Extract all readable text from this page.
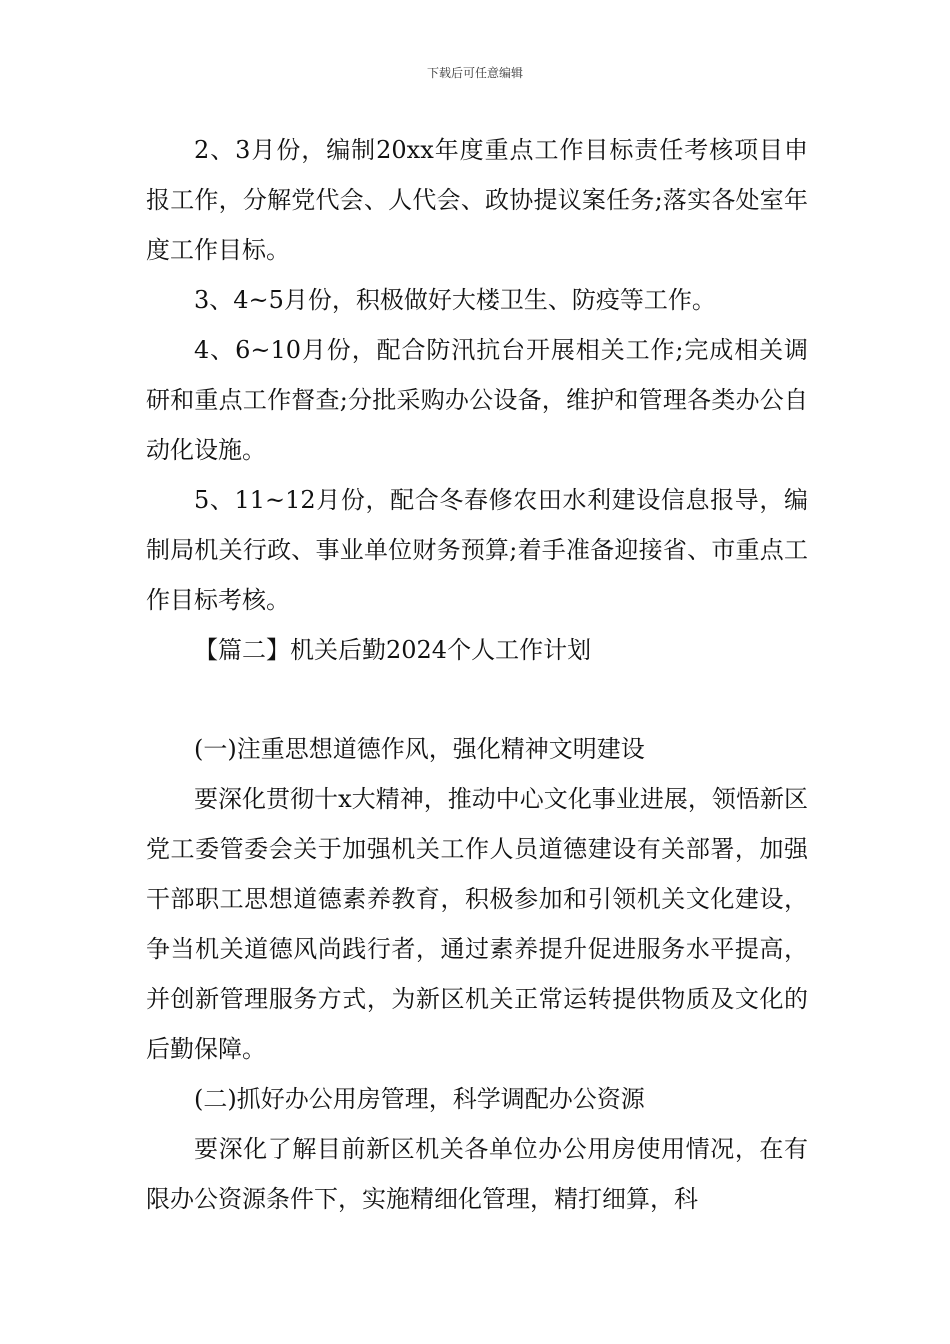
下载后可任意编辑

2、3月份，编制20xx年度重点工作目标责任考核项目申报工作，分解党代会、人代会、政协提议案任务;落实各处室年度工作目标。

3、4~5月份，积极做好大楼卫生、防疫等工作。

4、6~10月份，配合防汛抗台开展相关工作;完成相关调研和重点工作督查;分批采购办公设备，维护和管理各类办公自动化设施。

5、11~12月份，配合冬春修农田水利建设信息报导，编制局机关行政、事业单位财务预算;着手准备迎接省、市重点工作目标考核。

【篇二】机关后勤2024个人工作计划

(一)注重思想道德作风，强化精神文明建设

要深化贯彻十x大精神，推动中心文化事业进展，领悟新区党工委管委会关于加强机关工作人员道德建设有关部署，加强干部职工思想道德素养教育，积极参加和引领机关文化建设，争当机关道德风尚践行者，通过素养提升促进服务水平提高，并创新管理服务方式，为新区机关正常运转提供物质及文化的后勤保障。

(二)抓好办公用房管理，科学调配办公资源

要深化了解目前新区机关各单位办公用房使用情况，在有限办公资源条件下，实施精细化管理，精打细算，科
